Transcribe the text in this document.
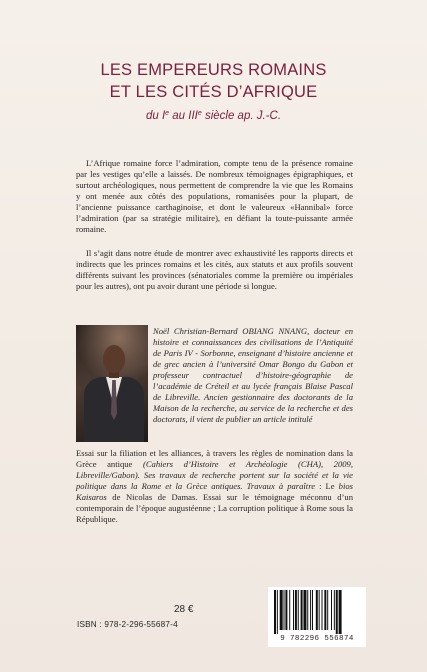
LES EMPEREURS ROMAINS
ET LES CITÉS D’AFRIQUE
du Ie au IIIe siècle ap. J.-C.

L’Afrique romaine force l’admiration, compte tenu de la présence romaine par les vestiges qu’elle a laissés. De nombreux témoignages épigraphiques, et surtout archéologiques, nous permettent de comprendre la vie que les Romains y ont menée aux côtés des populations, romanisées pour la plupart, de l’ancienne puissance carthaginoise, et dont le valeureux «Hannibal» force l’admiration (par sa stratégie militaire), en défiant la toute-puissante armée romaine.

Il s’agit dans notre étude de montrer avec exhaustivité les rapports directs et indirects que les princes romains et les cités, aux statuts et aux profils souvent différents suivant les provinces (sénatoriales comme la première ou impériales pour les autres), ont pu avoir durant une période si longue.

Noël Christian-Bernard OBIANG NNANG, docteur en histoire et connaissances des civilisations de l’Antiquité de Paris IV - Sorbonne, enseignant d’histoire ancienne et de grec ancien à l’université Omar Bongo du Gabon et professeur contractuel d’histoire-géographie de l’académie de Créteil et au lycée français Blaise Pascal de Libreville. Ancien gestionnaire des doctorants de la Maison de la recherche, au service de la recherche et des doctorats, il vient de publier un article intitulé

Essai sur la filiation et les alliances, à travers les règles de nomination dans la Grèce antique (Cahiers d’Histoire et Archéologie (CHA), 2009, Libreville/Gabon). Ses travaux de recherche portent sur la société et la vie politique dans la Rome et la Grèce antiques. Travaux à paraître : Le bios Kaisaros de Nicolas de Damas. Essai sur le témoignage méconnu d’un contemporain de l’époque augustéenne ; La corruption politique à Rome sous la République.

28 €
ISBN : 978-2-296-55687-4
9 782296 556874
